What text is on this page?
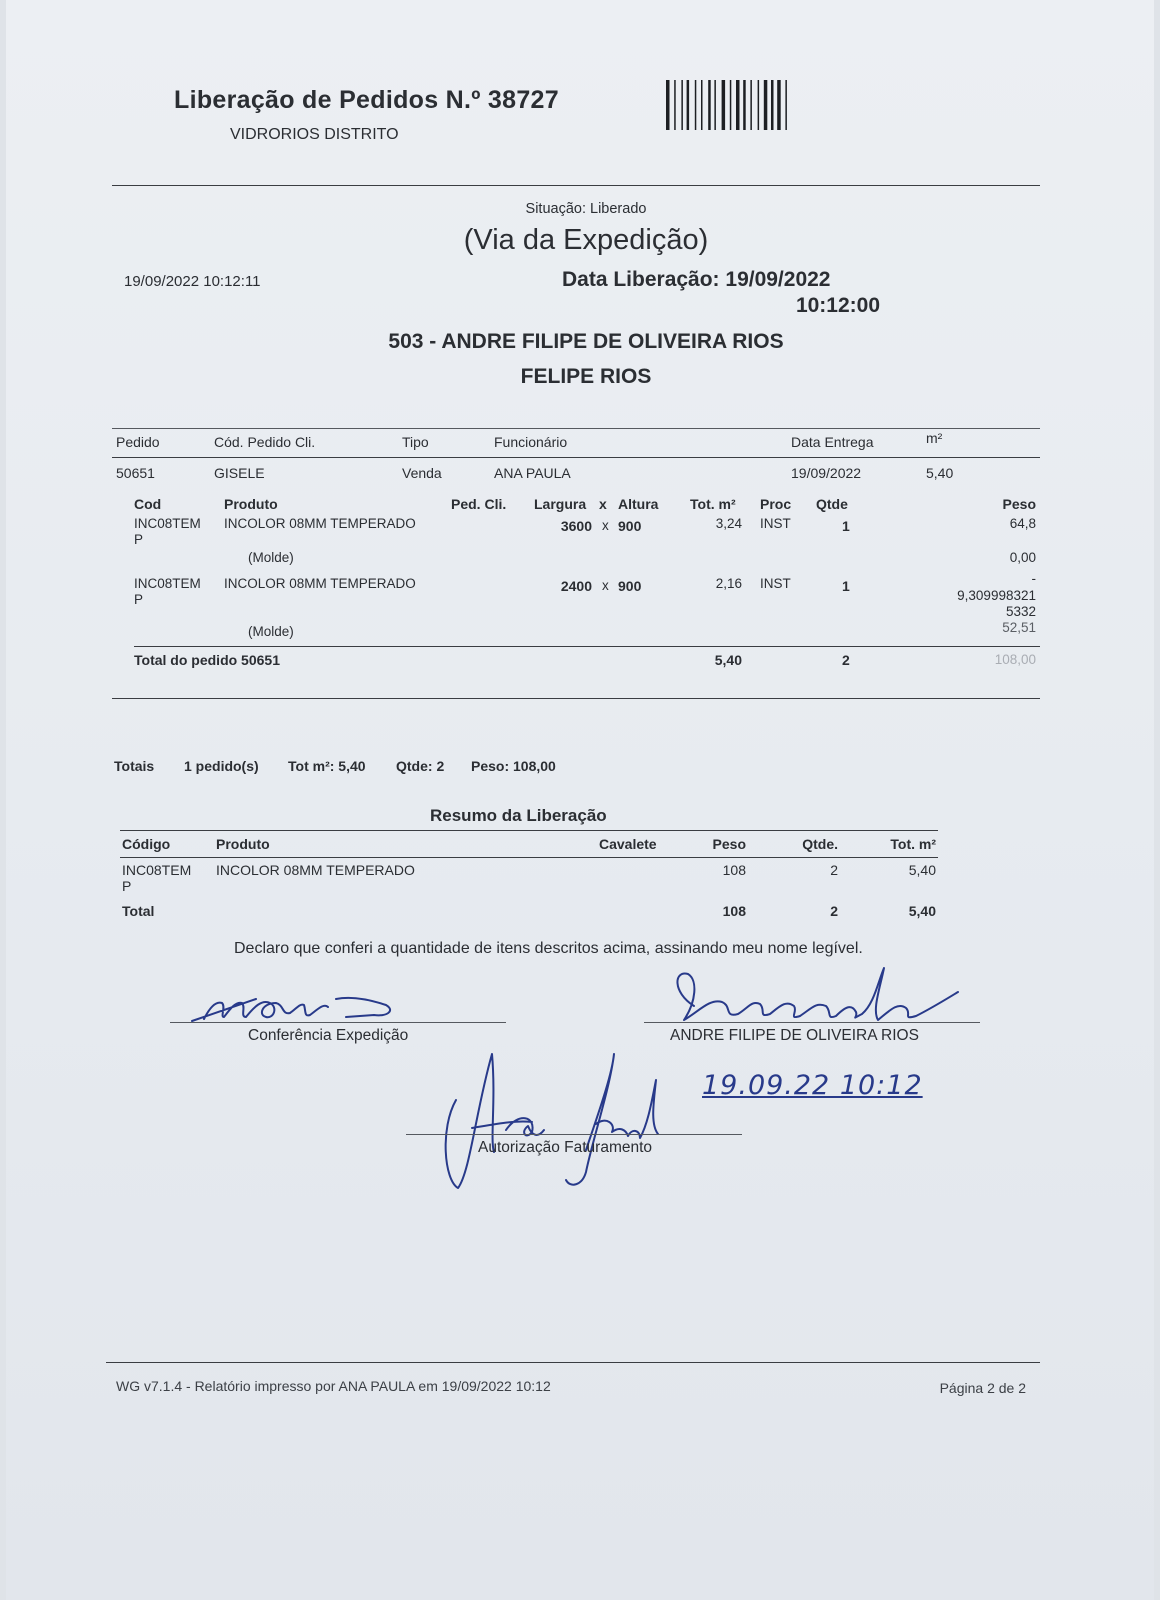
Liberação de Pedidos N.º 38727
VIDRORIOS DISTRITO
Situação: Liberado
(Via da Expedição)
19/09/2022 10:12:11	Data Liberação: 19/09/2022
10:12:00
503 - ANDRE FILIPE DE OLIVEIRA RIOS
FELIPE RIOS
Pedido	Cód. Pedido Cli.	Tipo	Funcionário	Data Entrega	m²
50651	GISELE	Venda	ANA PAULA	19/09/2022	5,40
Cod	Produto	Ped. Cli. Largura x Altura Tot. m² Proc Qtde	Peso
INC08TEM
P
INCOLOR 08MM TEMPERADO	3600 x 900	3,24 INST	1	64,8
(Molde)	0,00
INC08TEM
P
INCOLOR 08MM TEMPERADO	2400 x 900	2,16 INST	1	-
9,309998321
5332
(Molde)	52,51
Total do pedido 50651	5,40	2	108,00
Totais 1 pedido(s) Tot m²: 5,40 Qtde: 2 Peso: 108,00
Resumo da Liberação
Código	Produto	Cavalete	Peso	Qtde.	Tot. m²
INC08TEM
P
INCOLOR 08MM TEMPERADO	108	2	5,40
Total	108	2	5,40
Declaro que conferi a quantidade de itens descritos acima, assinando meu nome legível.
Conferência Expedição	ANDRE FILIPE DE OLIVEIRA RIOS
19.09.22 10:12
Autorização Faturamento
WG v7.1.4 - Relatório impresso por ANA PAULA em 19/09/2022 10:12	Página 2 de 2
